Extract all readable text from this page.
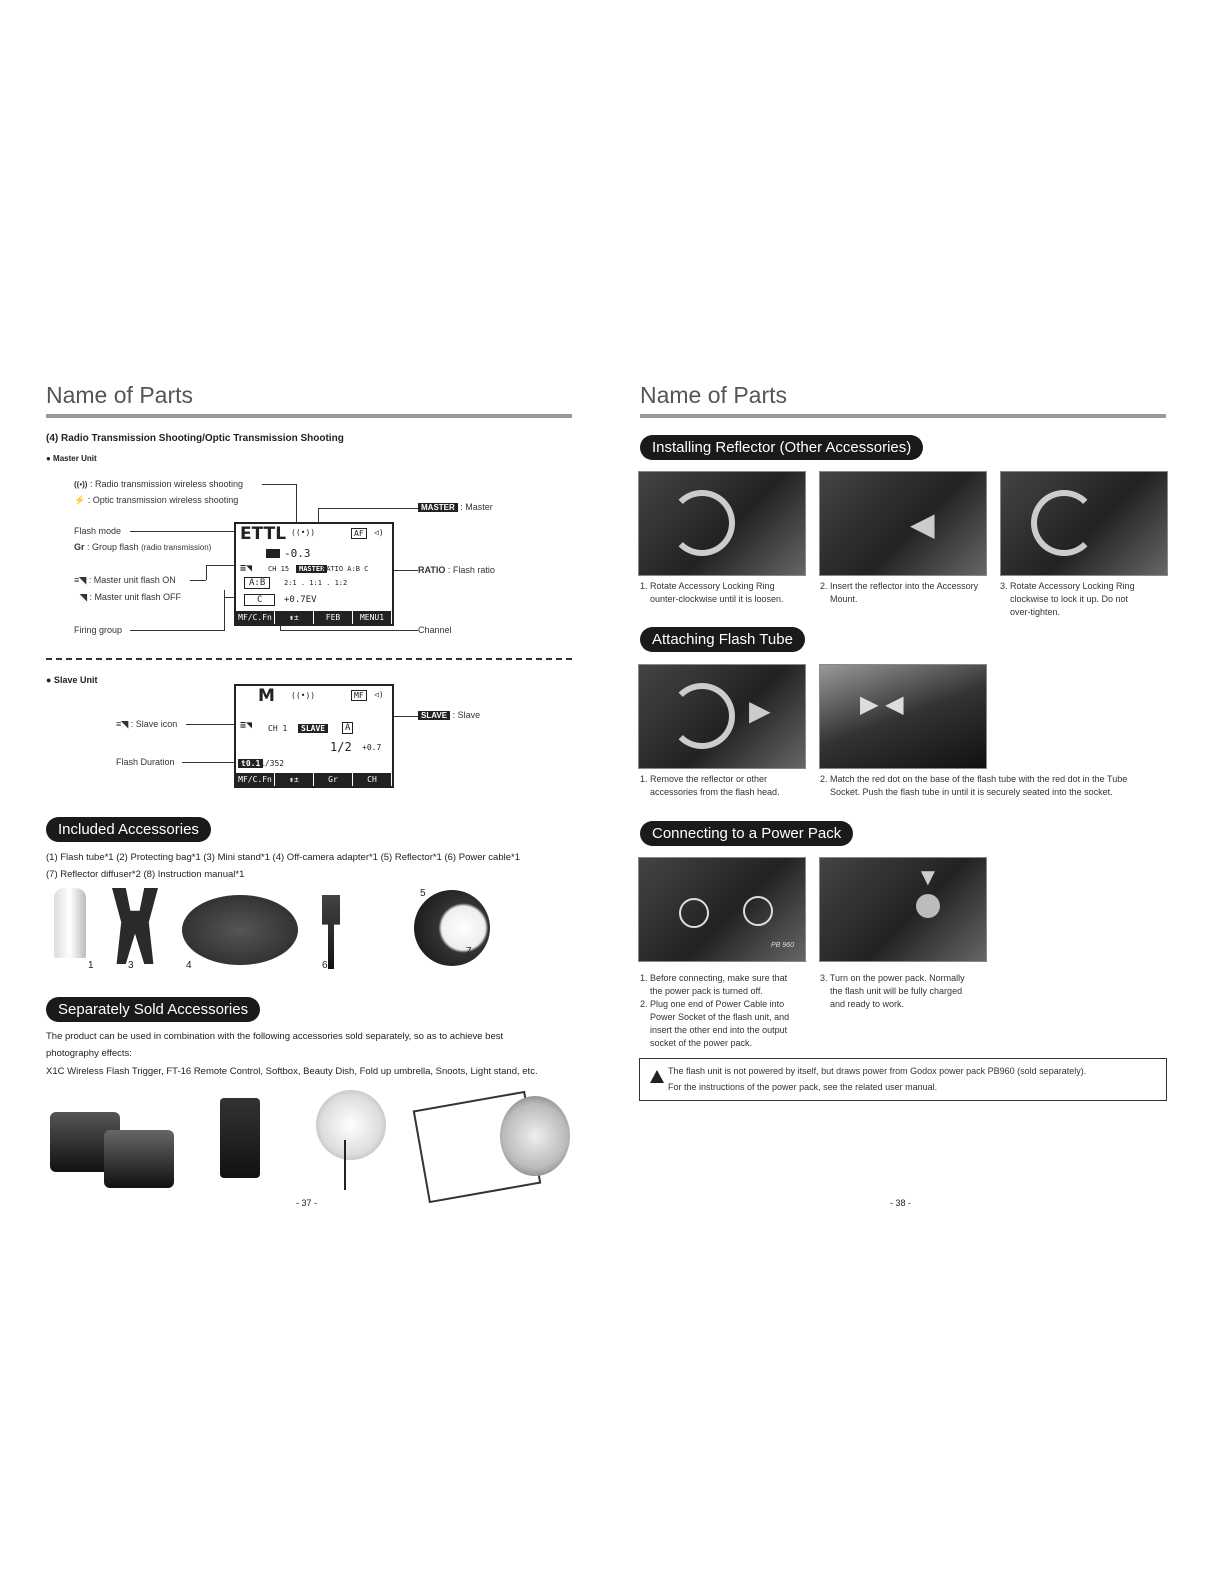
Name of Parts
(4) Radio Transmission Shooting/Optic Transmission Shooting
● Master Unit
((•)) : Radio transmission wireless shooting
⚡ : Optic transmission wireless shooting
Flash mode
Gr : Group flash (radio transmission)
≡◥ : Master unit flash ON
◥ : Master unit flash OFF
Firing group
ETTL ((•))	AF	◁)
-0.3
≡◥ CH 15	MASTER
RATIO A:B C
A:B	2:1 . 1:1 . 1:2
C	+0.7EV
MF/C.Fn	⇟±	FEB	MENU1
MASTER : Master
RATIO : Flash ratio
Channel
● Slave Unit
≡◥ : Slave icon
Flash Duration
M ((•))	MF	◁)
≡◥ CH 1	SLAVE	A
1/2 +0.7
t0.1 1/352
MF/C.Fn	⇟±	Gr	CH
SLAVE : Slave
Included Accessories
(1) Flash tube*1 (2) Protecting bag*1 (3) Mini stand*1 (4) Off-camera adapter*1 (5) Reflector*1 (6) Power cable*1
(7) Reflector diffuser*2 (8) Instruction manual*1
1	3	4	6
5
7
Separately Sold Accessories
The product can be used in combination with the following accessories sold separately, so as to achieve best
photography effects:
X1C Wireless Flash Trigger, FT-16 Remote Control, Softbox, Beauty Dish, Fold up umbrella, Snoots, Light stand, etc.
- 37 -
Name of Parts
Installing Reflector (Other Accessories)
◀
1. Rotate Accessory Locking Ring
ounter-clockwise until it is loosen.
2. Insert the reflector into the Accessory
Mount.
3. Rotate Accessory Locking Ring
clockwise to lock it up. Do not
over-tighten.
Attaching Flash Tube
▶	▶ ◀
1. Remove the reflector or other
accessories from the flash head.
2. Match the red dot on the base of the flash tube with the red dot in the Tube
Socket. Push the flash tube in until it is securely seated into the socket.
Connecting to a Power Pack
PB 960
▼
1. Before connecting, make sure that
the power pack is turned off.
2. Plug one end of Power Cable into
Power Socket of the flash unit, and
insert the other end into the output
socket of the power pack.
3. Turn on the power pack. Normally
the flash unit will be fully charged
and ready to work.
The flash unit is not powered by itself, but draws power from Godox power pack PB960 (sold separately).
For the instructions of the power pack, see the related user manual.
- 38 -
